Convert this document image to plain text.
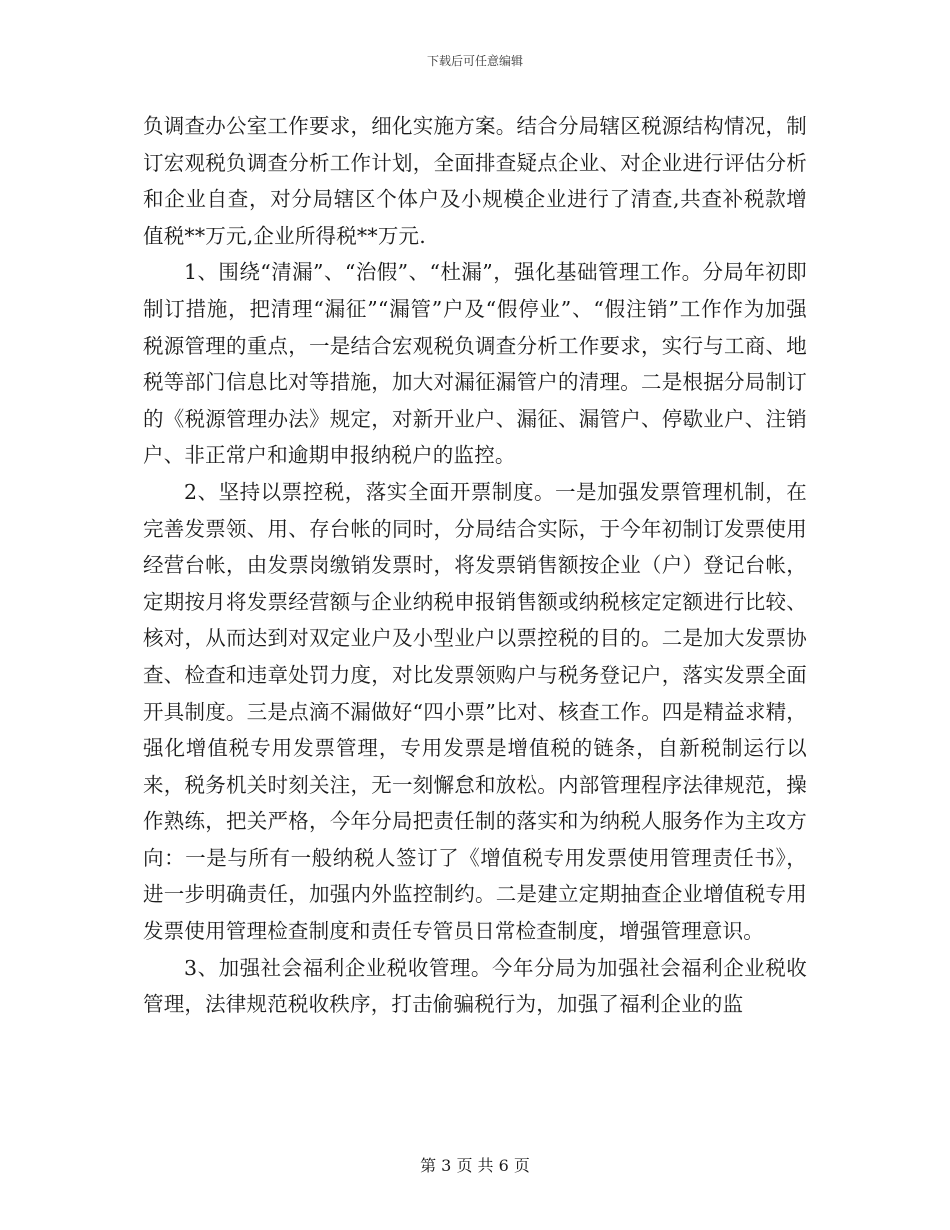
下载后可任意编辑

负调查办公室工作要求，细化实施方案。结合分局辖区税源结构情况，制订宏观税负调查分析工作计划，全面排查疑点企业、对企业进行评估分析和企业自查，对分局辖区个体户及小规模企业进行了清查,共查补税款增值税**万元,企业所得税**万元.

1、围绕“清漏”、“治假”、“杜漏”，强化基础管理工作。分局年初即制订措施，把清理“漏征”“漏管”户及“假停业”、“假注销”工作作为加强税源管理的重点，一是结合宏观税负调查分析工作要求，实行与工商、地税等部门信息比对等措施，加大对漏征漏管户的清理。二是根据分局制订的《税源管理办法》规定，对新开业户、漏征、漏管户、停歇业户、注销户、非正常户和逾期申报纳税户的监控。

2、坚持以票控税，落实全面开票制度。一是加强发票管理机制，在完善发票领、用、存台帐的同时，分局结合实际，于今年初制订发票使用经营台帐，由发票岗缴销发票时，将发票销售额按企业（户）登记台帐，定期按月将发票经营额与企业纳税申报销售额或纳税核定定额进行比较、核对，从而达到对双定业户及小型业户以票控税的目的。二是加大发票协查、检查和违章处罚力度，对比发票领购户与税务登记户，落实发票全面开具制度。三是点滴不漏做好“四小票”比对、核查工作。四是精益求精，强化增值税专用发票管理，专用发票是增值税的链条，自新税制运行以来，税务机关时刻关注，无一刻懈怠和放松。内部管理程序法律规范，操作熟练，把关严格，今年分局把责任制的落实和为纳税人服务作为主攻方向：一是与所有一般纳税人签订了《增值税专用发票使用管理责任书》，进一步明确责任，加强内外监控制约。二是建立定期抽查企业增值税专用发票使用管理检查制度和责任专管员日常检查制度，增强管理意识。

3、加强社会福利企业税收管理。今年分局为加强社会福利企业税收管理，法律规范税收秩序，打击偷骗税行为，加强了福利企业的监

第 3 页 共 6 页
